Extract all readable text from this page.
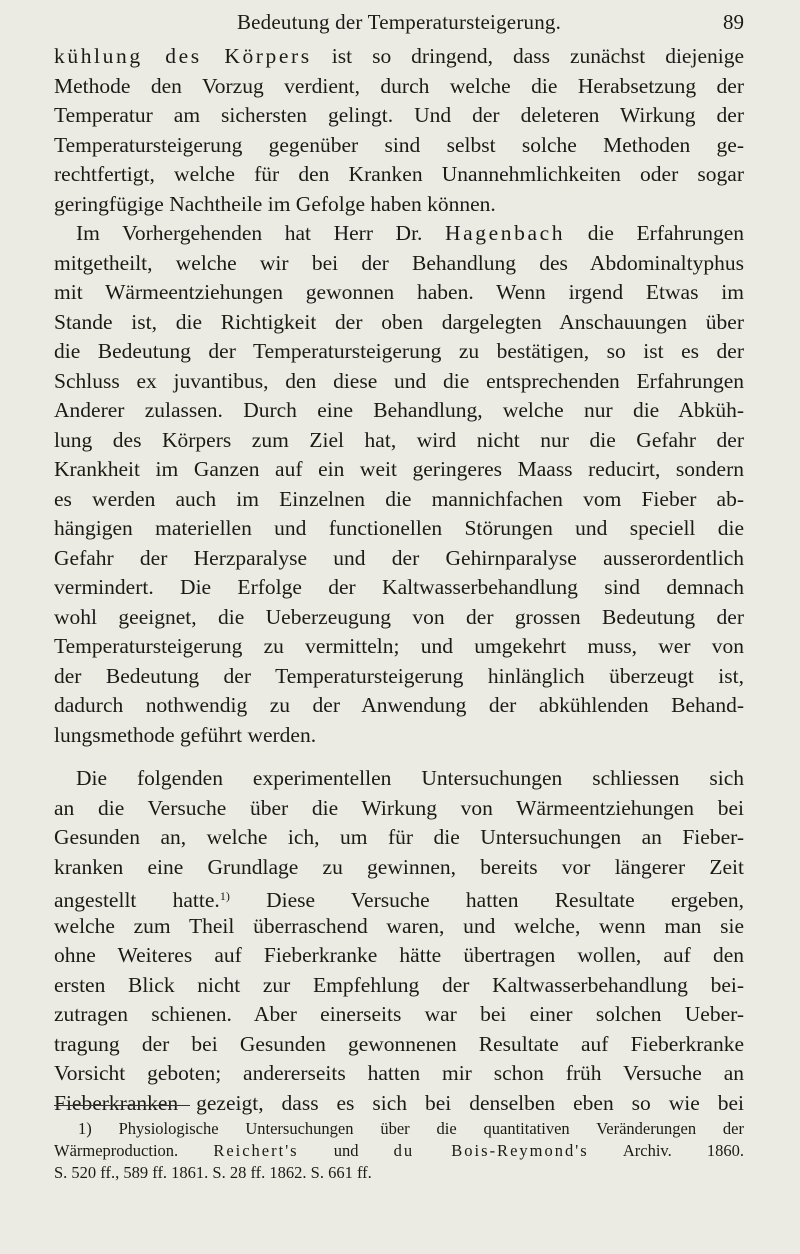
Bedeutung der Temperatursteigerung.	89
kühlung des Körpers ist so dringend, dass zunächst diejenige
Methode den Vorzug verdient, durch welche die Herabsetzung der
Temperatur am sichersten gelingt. Und der deleteren Wirkung der
Temperatursteigerung gegenüber sind selbst solche Methoden ge-
rechtfertigt, welche für den Kranken Unannehmlichkeiten oder sogar
geringfügige Nachtheile im Gefolge haben können.
Im Vorhergehenden hat Herr Dr. Hagenbach die Erfahrungen
mitgetheilt, welche wir bei der Behandlung des Abdominaltyphus
mit Wärmeentziehungen gewonnen haben. Wenn irgend Etwas im
Stande ist, die Richtigkeit der oben dargelegten Anschauungen über
die Bedeutung der Temperatursteigerung zu bestätigen, so ist es der
Schluss ex juvantibus, den diese und die entsprechenden Erfahrungen
Anderer zulassen. Durch eine Behandlung, welche nur die Abküh-
lung des Körpers zum Ziel hat, wird nicht nur die Gefahr der
Krankheit im Ganzen auf ein weit geringeres Maass reducirt, sondern
es werden auch im Einzelnen die mannichfachen vom Fieber ab-
hängigen materiellen und functionellen Störungen und speciell die
Gefahr der Herzparalyse und der Gehirnparalyse ausserordentlich
vermindert. Die Erfolge der Kaltwasserbehandlung sind demnach
wohl geeignet, die Ueberzeugung von der grossen Bedeutung der
Temperatursteigerung zu vermitteln; und umgekehrt muss, wer von
der Bedeutung der Temperatursteigerung hinlänglich überzeugt ist,
dadurch nothwendig zu der Anwendung der abkühlenden Behand-
lungsmethode geführt werden.
Die folgenden experimentellen Untersuchungen schliessen sich
an die Versuche über die Wirkung von Wärmeentziehungen bei
Gesunden an, welche ich, um für die Untersuchungen an Fieber-
kranken eine Grundlage zu gewinnen, bereits vor längerer Zeit
angestellt hatte.$^{1)}$ Diese Versuche hatten Resultate ergeben,
welche zum Theil überraschend waren, und welche, wenn man sie
ohne Weiteres auf Fieberkranke hätte übertragen wollen, auf den
ersten Blick nicht zur Empfehlung der Kaltwasserbehandlung bei-
zutragen schienen. Aber einerseits war bei einer solchen Ueber-
tragung der bei Gesunden gewonnenen Resultate auf Fieberkranke
Vorsicht geboten; andererseits hatten mir schon früh Versuche an
Fieberkranken gezeigt, dass es sich bei denselben eben so wie bei
1) Physiologische Untersuchungen über die quantitativen Veränderungen der
Wärmeproduction. Reichert's und du Bois-Reymond's Archiv. 1860.
S. 520 ff., 589 ff. 1861. S. 28 ff. 1862. S. 661 ff.
